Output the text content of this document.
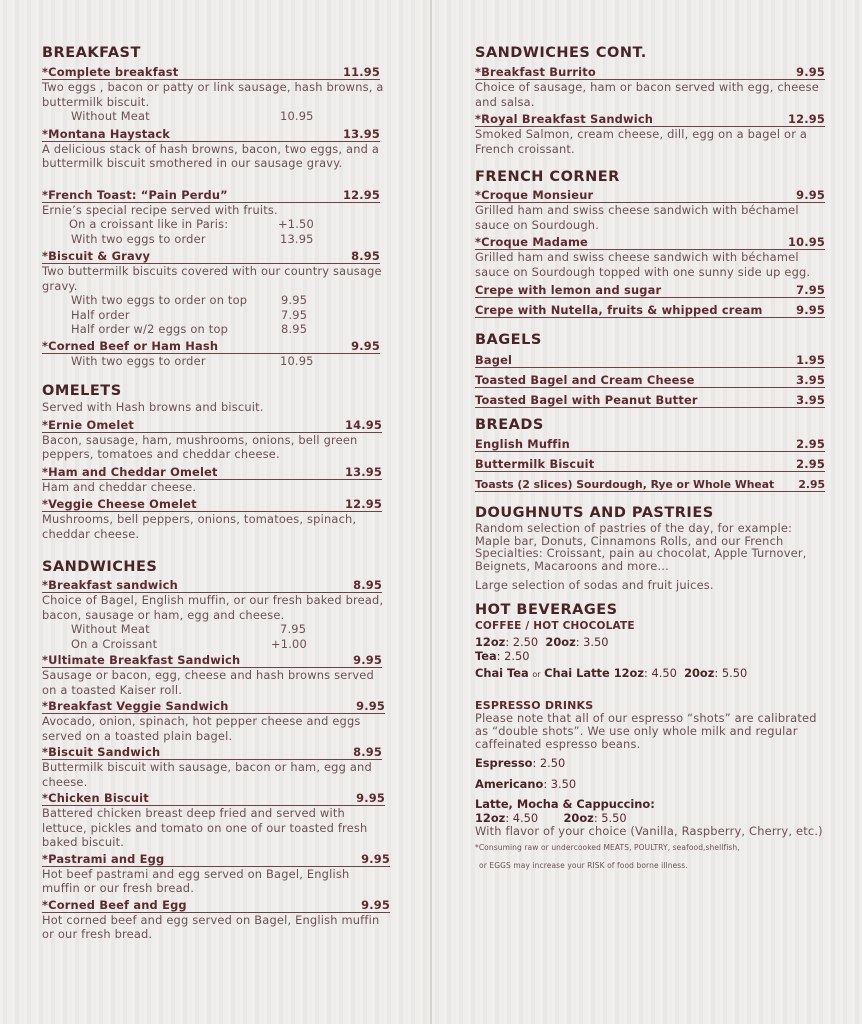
BREAKFAST
*Complete breakfast	11.95
Two eggs , bacon or patty or link sausage, hash browns, a buttermilk biscuit.
Without Meat	10.95
*Montana Haystack	13.95
A delicious stack of hash browns, bacon, two eggs, and a buttermilk biscuit smothered in our sausage gravy.
*French Toast: “Pain Perdu”	12.95
Ernie’s special recipe served with fruits.
On a croissant like in Paris:	+1.50
With two eggs to order	13.95
*Biscuit & Gravy	8.95
Two buttermilk biscuits covered with our country sausage gravy.
With two eggs to order on top	9.95
Half order	7.95
Half order w/2 eggs on top	8.95
*Corned Beef or Ham Hash	9.95
With two eggs to order	10.95
OMELETS
Served with Hash browns and biscuit.
*Ernie Omelet	14.95
Bacon, sausage, ham, mushrooms, onions, bell green peppers, tomatoes and cheddar cheese.
*Ham and Cheddar Omelet	13.95
Ham and cheddar cheese.
*Veggie Cheese Omelet	12.95
Mushrooms, bell peppers, onions, tomatoes, spinach, cheddar cheese.
SANDWICHES
*Breakfast sandwich	8.95
Choice of Bagel, English muffin, or our fresh baked bread, bacon, sausage or ham, egg and cheese.
Without Meat	7.95
On a Croissant	+1.00
*Ultimate Breakfast Sandwich	9.95
Sausage or bacon, egg, cheese and hash browns served on a toasted Kaiser roll.
*Breakfast Veggie Sandwich	9.95
Avocado, onion, spinach, hot pepper cheese and eggs served on a toasted plain bagel.
*Biscuit Sandwich	8.95
Buttermilk biscuit with sausage, bacon or ham, egg and cheese.
*Chicken Biscuit	9.95
Battered chicken breast deep fried and served with lettuce, pickles and tomato on one of our toasted fresh baked biscuit.
*Pastrami and Egg	9.95
Hot beef pastrami and egg served on Bagel, English muffin or our fresh bread.
*Corned Beef and Egg	9.95
Hot corned beef and egg served on Bagel, English muffin or our fresh bread.
SANDWICHES CONT.
*Breakfast Burrito	9.95
Choice of sausage, ham or bacon served with egg, cheese and salsa.
*Royal Breakfast Sandwich	12.95
Smoked Salmon, cream cheese, dill, egg on a bagel or a French croissant.
FRENCH CORNER
*Croque Monsieur	9.95
Grilled ham and swiss cheese sandwich with béchamel sauce on Sourdough.
*Croque Madame	10.95
Grilled ham and swiss cheese sandwich with béchamel sauce on Sourdough topped with one sunny side up egg.
Crepe with lemon and sugar	7.95
Crepe with Nutella, fruits & whipped cream	9.95
BAGELS
Bagel	1.95
Toasted Bagel and Cream Cheese	3.95
Toasted Bagel with Peanut Butter	3.95
BREADS
English Muffin	2.95
Buttermilk Biscuit	2.95
Toasts (2 slices) Sourdough, Rye or Whole Wheat 2.95
DOUGHNUTS AND PASTRIES
Random selection of pastries of the day, for example: Maple bar, Donuts, Cinnamons Rolls, and our French Specialties: Croissant, pain au chocolat, Apple Turnover, Beignets, Macaroons and more...
Large selection of sodas and fruit juices.
HOT BEVERAGES
COFFEE / HOT CHOCOLATE
12oz: 2.50 20oz: 3.50
Tea: 2.50
Chai Tea or Chai Latte 12oz: 4.50 20oz: 5.50
ESPRESSO DRINKS
Please note that all of our espresso “shots” are calibrated as “double shots”. We use only whole milk and regular caffeinated espresso beans.
Espresso: 2.50
Americano: 3.50
Latte, Mocha & Cappuccino:
12oz: 4.50 20oz: 5.50
With flavor of your choice (Vanilla, Raspberry, Cherry, etc.)
*Consuming raw or undercooked MEATS, POULTRY, seafood,shellfish,
or EGGS may increase your RISK of food borne illness.
